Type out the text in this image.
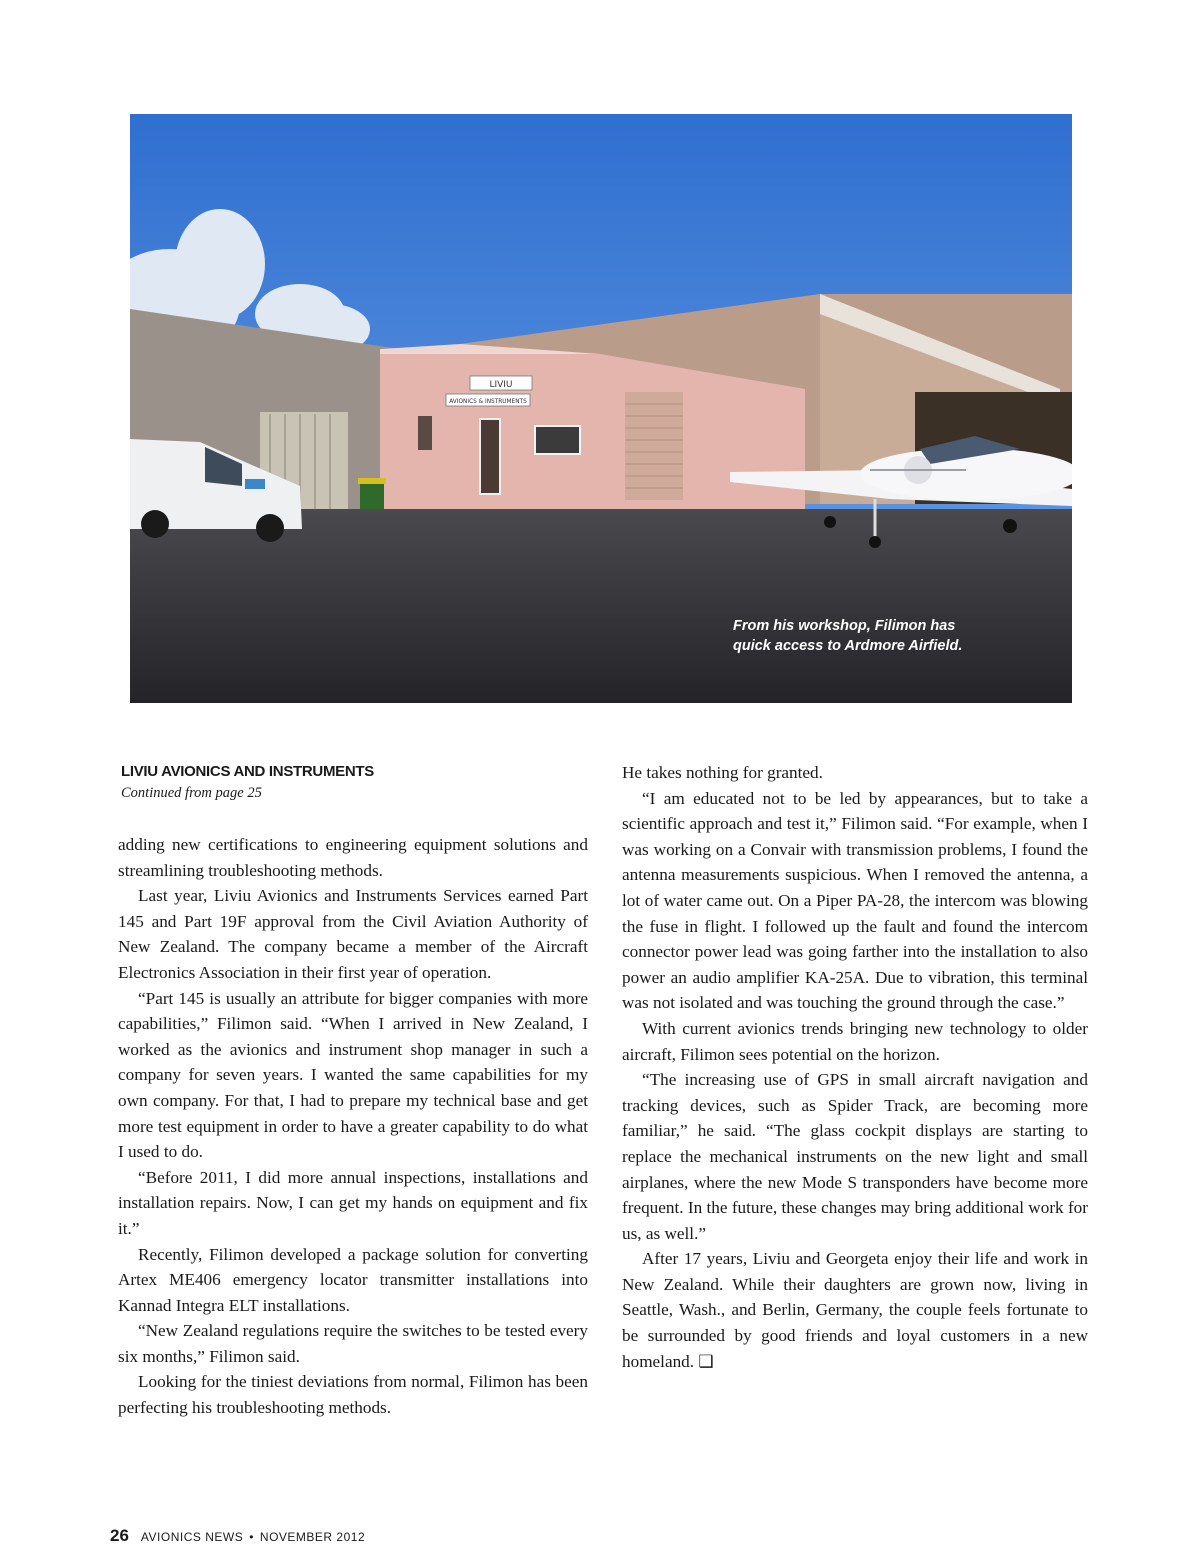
LIVIU
AVIONICS & INSTRUMENTS
From his workshop, Filimon has
quick access to Ardmore Airfield.
LIVIU AVIONICS AND INSTRUMENTS
Continued from page 25

adding new certifications to engineering equipment solutions and streamlining troubleshooting methods.

Last year, Liviu Avionics and Instruments Services earned Part 145 and Part 19F approval from the Civil Aviation Authority of New Zealand. The company became a member of the Aircraft Electronics Association in their first year of operation.

“Part 145 is usually an attribute for bigger companies with more capabilities,” Filimon said. “When I arrived in New Zealand, I worked as the avionics and instrument shop manager in such a company for seven years. I wanted the same capabilities for my own company. For that, I had to prepare my technical base and get more test equipment in order to have a greater capability to do what I used to do.

“Before 2011, I did more annual inspections, installations and installation repairs. Now, I can get my hands on equipment and fix it.”

Recently, Filimon developed a package solution for converting Artex ME406 emergency locator transmitter installations into Kannad Integra ELT installations.

“New Zealand regulations require the switches to be tested every six months,” Filimon said.

Looking for the tiniest deviations from normal, Filimon has been perfecting his troubleshooting methods.

He takes nothing for granted.

“I am educated not to be led by appearances, but to take a scientific approach and test it,” Filimon said. “For example, when I was working on a Convair with transmission problems, I found the antenna measurements suspicious. When I removed the antenna, a lot of water came out. On a Piper PA-28, the intercom was blowing the fuse in flight. I followed up the fault and found the intercom connector power lead was going farther into the installation to also power an audio amplifier KA-25A. Due to vibration, this terminal was not isolated and was touching the ground through the case.”

With current avionics trends bringing new technology to older aircraft, Filimon sees potential on the horizon.

“The increasing use of GPS in small aircraft navigation and tracking devices, such as Spider Track, are becoming more familiar,” he said. “The glass cockpit displays are starting to replace the mechanical instruments on the new light and small airplanes, where the new Mode S transponders have become more frequent. In the future, these changes may bring additional work for us, as well.”

After 17 years, Liviu and Georgeta enjoy their life and work in New Zealand. While their daughters are grown now, living in Seattle, Wash., and Berlin, Germany, the couple feels fortunate to be surrounded by good friends and loyal customers in a new homeland. ❑

26 AVIONICS NEWS • NOVEMBER 2012
